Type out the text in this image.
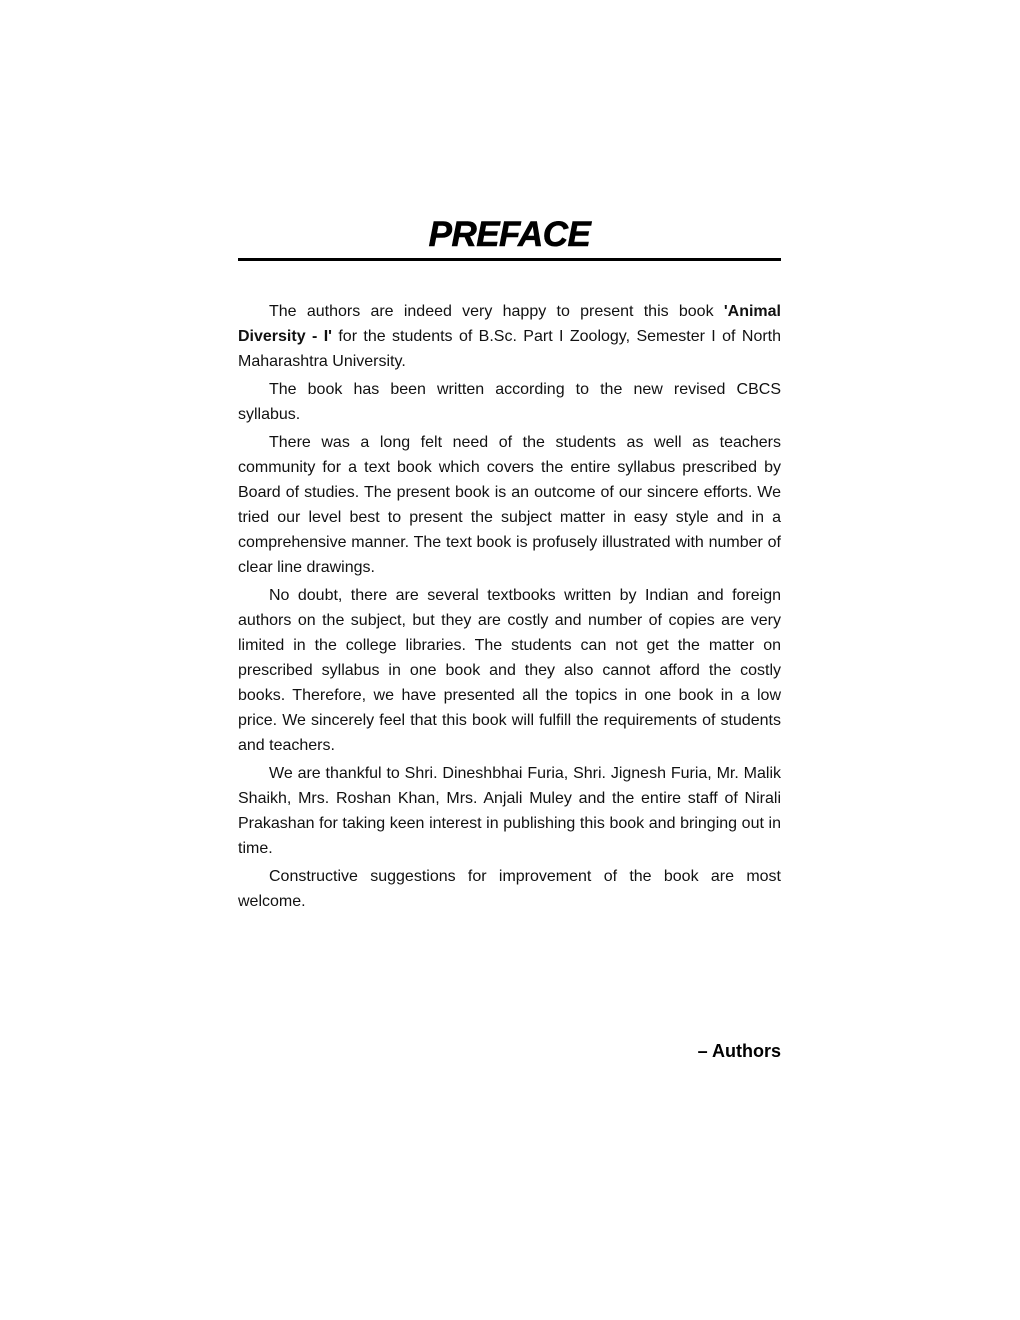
PREFACE

The authors are indeed very happy to present this book 'Animal Diversity - I' for the students of B.Sc. Part I Zoology, Semester I of North Maharashtra University.

The book has been written according to the new revised CBCS syllabus.

There was a long felt need of the students as well as teachers community for a text book which covers the entire syllabus prescribed by Board of studies. The present book is an outcome of our sincere efforts. We tried our level best to present the subject matter in easy style and in a comprehensive manner. The text book is profusely illustrated with number of clear line drawings.

No doubt, there are several textbooks written by Indian and foreign authors on the subject, but they are costly and number of copies are very limited in the college libraries. The students can not get the matter on prescribed syllabus in one book and they also cannot afford the costly books. Therefore, we have presented all the topics in one book in a low price. We sincerely feel that this book will fulfill the requirements of students and teachers.

We are thankful to Shri. Dineshbhai Furia, Shri. Jignesh Furia, Mr. Malik Shaikh, Mrs. Roshan Khan, Mrs. Anjali Muley and the entire staff of Nirali Prakashan for taking keen interest in publishing this book and bringing out in time.

Constructive suggestions for improvement of the book are most welcome.

– Authors
